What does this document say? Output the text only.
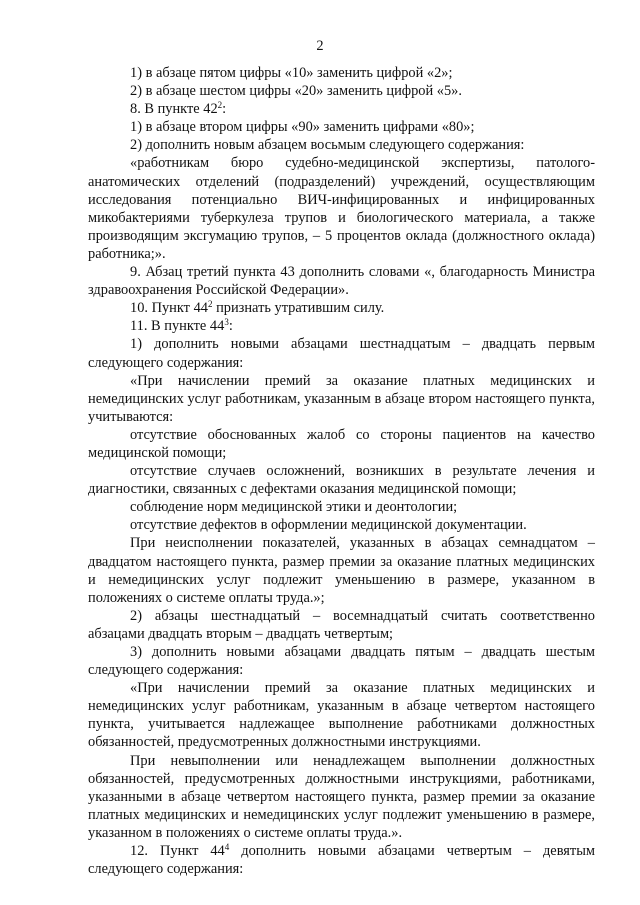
2

1) в абзаце пятом цифры «10» заменить цифрой «2»;

2) в абзаце шестом цифры «20» заменить цифрой «5».

8. В пункте $42^2$:

1) в абзаце втором цифры «90» заменить цифрами «80»;

2) дополнить новым абзацем восьмым следующего содержания:

«работникам бюро судебно-медицинской экспертизы, патолого-анатомических отделений (подразделений) учреждений, осуществляющим исследования потенциально ВИЧ-инфицированных и инфицированных микобактериями туберкулеза трупов и биологического материала, а также производящим эксгумацию трупов, – 5 процентов оклада (должностного оклада) работника;».

9. Абзац третий пункта 43 дополнить словами «, благодарность Министра здравоохранения Российской Федерации».

10. Пункт $44^2$ признать утратившим силу.

11. В пункте $44^3$:

1) дополнить новыми абзацами шестнадцатым – двадцать первым следующего содержания:

«При начислении премий за оказание платных медицинских и немедицинских услуг работникам, указанным в абзаце втором настоящего пункта, учитываются:

отсутствие обоснованных жалоб со стороны пациентов на качество медицинской помощи;

отсутствие случаев осложнений, возникших в результате лечения и диагностики, связанных с дефектами оказания медицинской помощи;

соблюдение норм медицинской этики и деонтологии;

отсутствие дефектов в оформлении медицинской документации.

При неисполнении показателей, указанных в абзацах семнадцатом – двадцатом настоящего пункта, размер премии за оказание платных медицинских и немедицинских услуг подлежит уменьшению в размере, указанном в положениях о системе оплаты труда.»;

2) абзацы шестнадцатый – восемнадцатый считать соответственно абзацами двадцать вторым – двадцать четвертым;

3) дополнить новыми абзацами двадцать пятым – двадцать шестым следующего содержания:

«При начислении премий за оказание платных медицинских и немедицинских услуг работникам, указанным в абзаце четвертом настоящего пункта, учитывается надлежащее выполнение работниками должностных обязанностей, предусмотренных должностными инструкциями.

При невыполнении или ненадлежащем выполнении должностных обязанностей, предусмотренных должностными инструкциями, работниками, указанными в абзаце четвертом настоящего пункта, размер премии за оказание платных медицинских и немедицинских услуг подлежит уменьшению в размере, указанном в положениях о системе оплаты труда.».

12. Пункт $44^4$ дополнить новыми абзацами четвертым – девятым следующего содержания:
